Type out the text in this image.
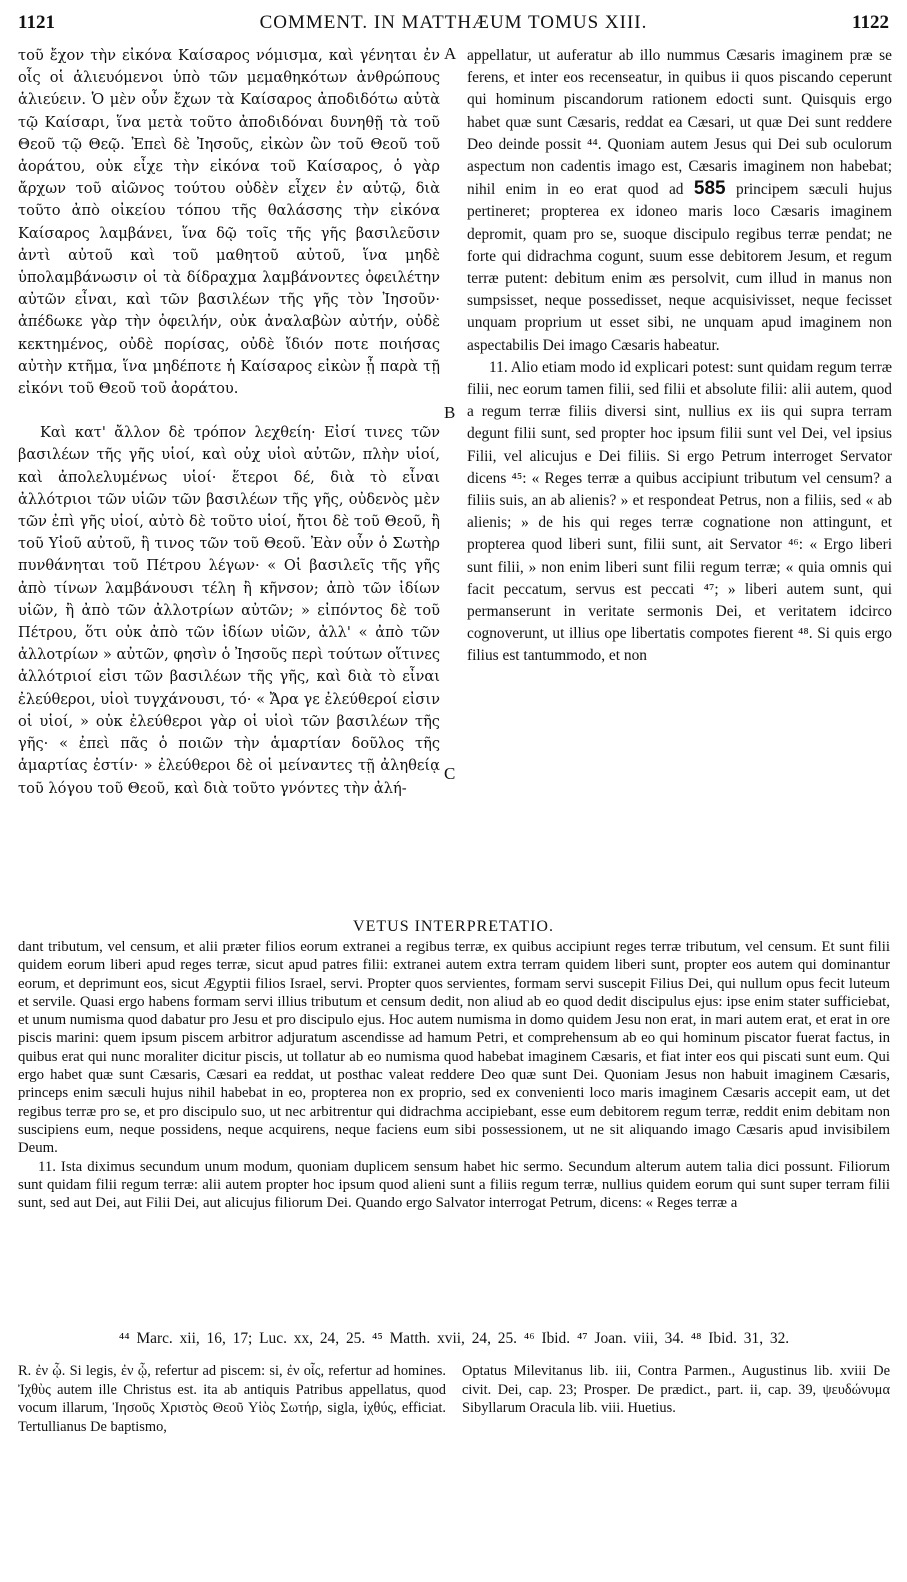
1121	COMMENT. IN MATTHÆUM TOMUS XIII.	1122

τοῦ ἔχον τὴν εἰκόνα Καίσαρος νόμισμα, καὶ γένηται ἐν οἷς οἱ ἁλιευόμενοι ὑπὸ τῶν μεμαθηκότων ἀνθρώπους ἁλιεύειν. Ὁ μὲν οὖν ἔχων τὰ Καίσαρος ἀποδιδότω αὐτὰ τῷ Καίσαρι, ἵνα μετὰ τοῦτο ἀποδιδόναι δυνηθῇ τὰ τοῦ Θεοῦ τῷ Θεῷ. Ἐπεὶ δὲ Ἰησοῦς, εἰκὼν ὢν τοῦ Θεοῦ τοῦ ἀοράτου, οὐκ εἶχε τὴν εἰκόνα τοῦ Καίσαρος, ὁ γὰρ ἄρχων τοῦ αἰῶνος τούτου οὐδὲν εἶχεν ἐν αὐτῷ, διὰ τοῦτο ἀπὸ οἰκείου τόπου τῆς θαλάσσης τὴν εἰκόνα Καίσαρος λαμβάνει, ἵνα δῷ τοῖς τῆς γῆς βασιλεῦσιν ἀντὶ αὐτοῦ καὶ τοῦ μαθητοῦ αὐτοῦ, ἵνα μηδὲ ὑπολαμβάνωσιν οἱ τὰ δίδραχμα λαμβάνοντες ὀφειλέτην αὐτῶν εἶναι, καὶ τῶν βασιλέων τῆς γῆς τὸν Ἰησοῦν· ἀπέδωκε γὰρ τὴν ὀφειλήν, οὐκ ἀναλαβὼν αὐτήν, οὐδὲ κεκτημένος, οὐδὲ πορίσας, οὐδὲ ἴδιόν ποτε ποιήσας αὐτὴν κτῆμα, ἵνα μηδέποτε ἡ Καίσαρος εἰκὼν ᾖ παρὰ τῇ εἰκόνι τοῦ Θεοῦ τοῦ ἀοράτου.

Καὶ κατ' ἄλλον δὲ τρόπον λεχθείη· Εἰσί τινες τῶν βασιλέων τῆς γῆς υἱοί, καὶ οὐχ υἱοὶ αὐτῶν, πλὴν υἱοί, καὶ ἀπολελυμένως υἱοί· ἕτεροι δέ, διὰ τὸ εἶναι ἀλλότριοι τῶν υἱῶν τῶν βασιλέων τῆς γῆς, οὐδενὸς μὲν τῶν ἐπὶ γῆς υἱοί, αὐτὸ δὲ τοῦτο υἱοί, ἤτοι δὲ τοῦ Θεοῦ, ἢ τοῦ Υἱοῦ αὐτοῦ, ἢ τινος τῶν τοῦ Θεοῦ. Ἐὰν οὖν ὁ Σωτὴρ πυνθάνηται τοῦ Πέτρου λέγων· « Οἱ βασιλεῖς τῆς γῆς ἀπὸ τίνων λαμβάνουσι τέλη ἢ κῆνσον; ἀπὸ τῶν ἰδίων υἱῶν, ἢ ἀπὸ τῶν ἀλλοτρίων αὐτῶν; » εἰπόντος δὲ τοῦ Πέτρου, ὅτι οὐκ ἀπὸ τῶν ἰδίων υἱῶν, ἀλλ' « ἀπὸ τῶν ἀλλοτρίων » αὐτῶν, φησὶν ὁ Ἰησοῦς περὶ τούτων οἵτινες ἀλλότριοί εἰσι τῶν βασιλέων τῆς γῆς, καὶ διὰ τὸ εἶναι ἐλεύθεροι, υἱοὶ τυγχάνουσι, τό· « Ἄρα γε ἐλεύθεροί εἰσιν οἱ υἱοί, » οὐκ ἐλεύθεροι γὰρ οἱ υἱοὶ τῶν βασιλέων τῆς γῆς· « ἐπεὶ πᾶς ὁ ποιῶν τὴν ἁμαρτίαν δοῦλος τῆς ἁμαρτίας ἐστίν· » ἐλεύθεροι δὲ οἱ μείναντες τῇ ἀληθείᾳ τοῦ λόγου τοῦ Θεοῦ, καὶ διὰ τοῦτο γνόντες τὴν ἀλή-

A
B
C

appellatur, ut auferatur ab illo nummus Cæsaris imaginem præ se ferens, et inter eos recenseatur, in quibus ii quos piscando ceperunt qui hominum piscandorum rationem edocti sunt. Quisquis ergo habet quæ sunt Cæsaris, reddat ea Cæsari, ut quæ Dei sunt reddere Deo deinde possit ⁴⁴. Quoniam autem Jesus qui Dei sub oculorum aspectum non cadentis imago est, Cæsaris imaginem non habebat; nihil enim in eo erat quod ad 585 principem sæculi hujus pertineret; propterea ex idoneo maris loco Cæsaris imaginem depromit, quam pro se, suoque discipulo regibus terræ pendat; ne forte qui didrachma cogunt, suum esse debitorem Jesum, et regum terræ putent: debitum enim æs persolvit, cum illud in manus non sumpsisset, neque possedisset, neque acquisivisset, neque fecisset unquam proprium ut esset sibi, ne unquam apud imaginem non aspectabilis Dei imago Cæsaris habeatur.

11. Alio etiam modo id explicari potest: sunt quidam regum terræ filii, nec eorum tamen filii, sed filii et absolute filii: alii autem, quod a regum terræ filiis diversi sint, nullius ex iis qui supra terram degunt filii sunt, sed propter hoc ipsum filii sunt vel Dei, vel ipsius Filii, vel alicujus e Dei filiis. Si ergo Petrum interroget Servator dicens ⁴⁵: « Reges terræ a quibus accipiunt tributum vel censum? a filiis suis, an ab alienis? » et respondeat Petrus, non a filiis, sed « ab alienis; » de his qui reges terræ cognatione non attingunt, et propterea quod liberi sunt, filii sunt, ait Servator ⁴⁶: « Ergo liberi sunt filii, » non enim liberi sunt filii regum terræ; « quia omnis qui facit peccatum, servus est peccati ⁴⁷; » liberi autem sunt, qui permanserunt in veritate sermonis Dei, et veritatem idcirco cognoverunt, ut illius ope libertatis compotes fierent ⁴⁸. Si quis ergo filius est tantummodo, et non

VETUS INTERPRETATIO.

dant tributum, vel censum, et alii præter filios eorum extranei a regibus terræ, ex quibus accipiunt reges terræ tributum, vel censum. Et sunt filii quidem eorum liberi apud reges terræ, sicut apud patres filii: extranei autem extra terram quidem liberi sunt, propter eos autem qui dominantur eorum, et deprimunt eos, sicut Ægyptii filios Israel, servi. Propter quos servientes, formam servi suscepit Filius Dei, qui nullum opus fecit luteum et servile. Quasi ergo habens formam servi illius tributum et censum dedit, non aliud ab eo quod dedit discipulus ejus: ipse enim stater sufficiebat, et unum numisma quod dabatur pro Jesu et pro discipulo ejus. Hoc autem numisma in domo quidem Jesu non erat, in mari autem erat, et erat in ore piscis marini: quem ipsum piscem arbitror adjuratum ascendisse ad hamum Petri, et comprehensum ab eo qui hominum piscator fuerat factus, in quibus erat qui nunc moraliter dicitur piscis, ut tollatur ab eo numisma quod habebat imaginem Cæsaris, et fiat inter eos qui piscati sunt eum. Qui ergo habet quæ sunt Cæsaris, Cæsari ea reddat, ut posthac valeat reddere Deo quæ sunt Dei. Quoniam Jesus non habuit imaginem Cæsaris, princeps enim sæculi hujus nihil habebat in eo, propterea non ex proprio, sed ex convenienti loco maris imaginem Cæsaris accepit eam, ut det regibus terræ pro se, et pro discipulo suo, ut nec arbitrentur qui didrachma accipiebant, esse eum debitorem regum terræ, reddit enim debitam non suscipiens eum, neque possidens, neque acquirens, neque faciens eum sibi possessionem, ut ne sit aliquando imago Cæsaris apud invisibilem Deum.

11. Ista diximus secundum unum modum, quoniam duplicem sensum habet hic sermo. Secundum alterum autem talia dici possunt. Filiorum sunt quidam filii regum terræ: alii autem propter hoc ipsum quod alieni sunt a filiis regum terræ, nullius quidem eorum qui sunt super terram filii sunt, sed aut Dei, aut Filii Dei, aut alicujus filiorum Dei. Quando ergo Salvator interrogat Petrum, dicens: « Reges terræ a

⁴⁴ Marc. xii, 16, 17; Luc. xx, 24, 25. ⁴⁵ Matth. xvii, 24, 25. ⁴⁶ Ibid. ⁴⁷ Joan. viii, 34. ⁴⁸ Ibid. 31, 32.

R. ἐν ᾧ. Si legis, ἐν ᾧ, refertur ad piscem: si, ἐν οἷς, refertur ad homines. Ἰχθὺς autem ille Christus est. ita ab antiquis Patribus appellatus, quod vocum illarum, Ἰησοῦς Χριστὸς Θεοῦ Υἱὸς Σωτήρ, sigla, ἰχθύς, efficiat. Tertullianus De baptismo,

Optatus Milevitanus lib. iii, Contra Parmen., Augustinus lib. xviii De civit. Dei, cap. 23; Prosper. De prædict., part. ii, cap. 39, ψευδώνυμα Sibyllarum Oracula lib. viii. Huetius.
